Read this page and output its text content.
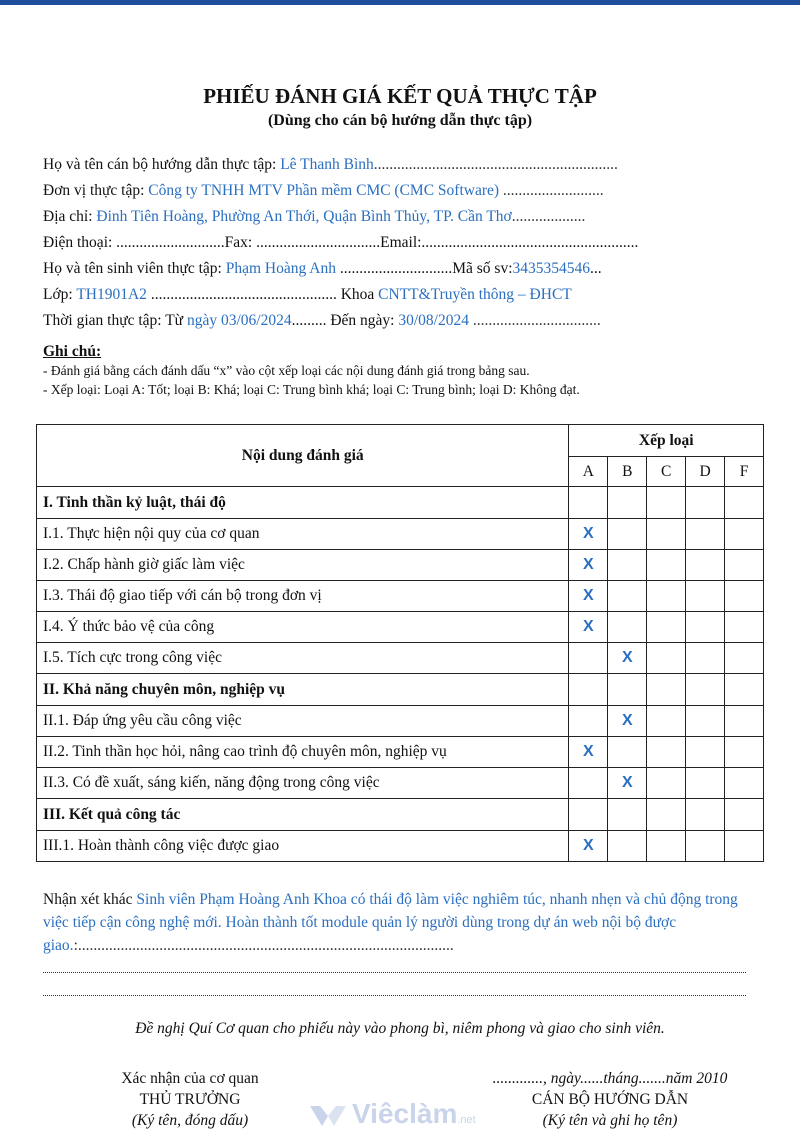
PHIẾU ĐÁNH GIÁ KẾT QUẢ THỰC TẬP
(Dùng cho cán bộ hướng dẫn thực tập)
Họ và tên cán bộ hướng dẫn thực tập: Lê Thanh Bình...............................................................
Đơn vị thực tập: Công ty TNHH MTV Phần mềm CMC (CMC Software) ..........................
Địa chỉ: Đinh Tiên Hoàng, Phường An Thới, Quận Bình Thủy, TP. Cần Thơ...................
Điện thoại: ............................Fax: ................................Email:........................................................
Họ và tên sinh viên thực tập: Phạm Hoàng Anh .............................Mã số sv:3435354546...
Lớp: TH1901A2 ................................................ Khoa CNTT&Truyền thông – ĐHCT
Thời gian thực tập: Từ ngày 03/06/2024......... Đến ngày: 30/08/2024 .................................
Ghi chú:
- Đánh giá bằng cách đánh dấu “x” vào cột xếp loại các nội dung đánh giá trong bảng sau.
- Xếp loại: Loại A: Tốt; loại B: Khá; loại C: Trung bình khá; loại C: Trung bình; loại D: Không đạt.
Nội dung đánh giá	Xếp loại				
	A	B	C	D	F
I. Tinh thần kỷ luật, thái độ					
I.1. Thực hiện nội quy của cơ quan	X				
I.2. Chấp hành giờ giấc làm việc	X				
I.3. Thái độ giao tiếp với cán bộ trong đơn vị	X				
I.4. Ý thức bảo vệ của công	X				
I.5. Tích cực trong công việc		X			
II. Khả năng chuyên môn, nghiệp vụ					
II.1. Đáp ứng yêu cầu công việc		X			
II.2. Tinh thần học hỏi, nâng cao trình độ chuyên môn, nghiệp vụ	X				
II.3. Có đề xuất, sáng kiến, năng động trong công việc		X			
III. Kết quả công tác					
III.1. Hoàn thành công việc được giao	X				
Nhận xét khác Sinh viên Phạm Hoàng Anh Khoa có thái độ làm việc nghiêm túc, nhanh nhẹn và chủ động trong việc tiếp cận công nghệ mới. Hoàn thành tốt module quản lý người dùng trong dự án web nội bộ được giao.:.................................................................................................
Đề nghị Quí Cơ quan cho phiếu này vào phong bì, niêm phong và giao cho sinh viên.
Xác nhận của cơ quan
THỦ TRƯỞNG
(Ký tên, đóng dấu)
............., ngày......tháng.......năm 2010
CÁN BỘ HƯỚNG DẪN
(Ký tên và ghi họ tên)
Viêclàm.net
